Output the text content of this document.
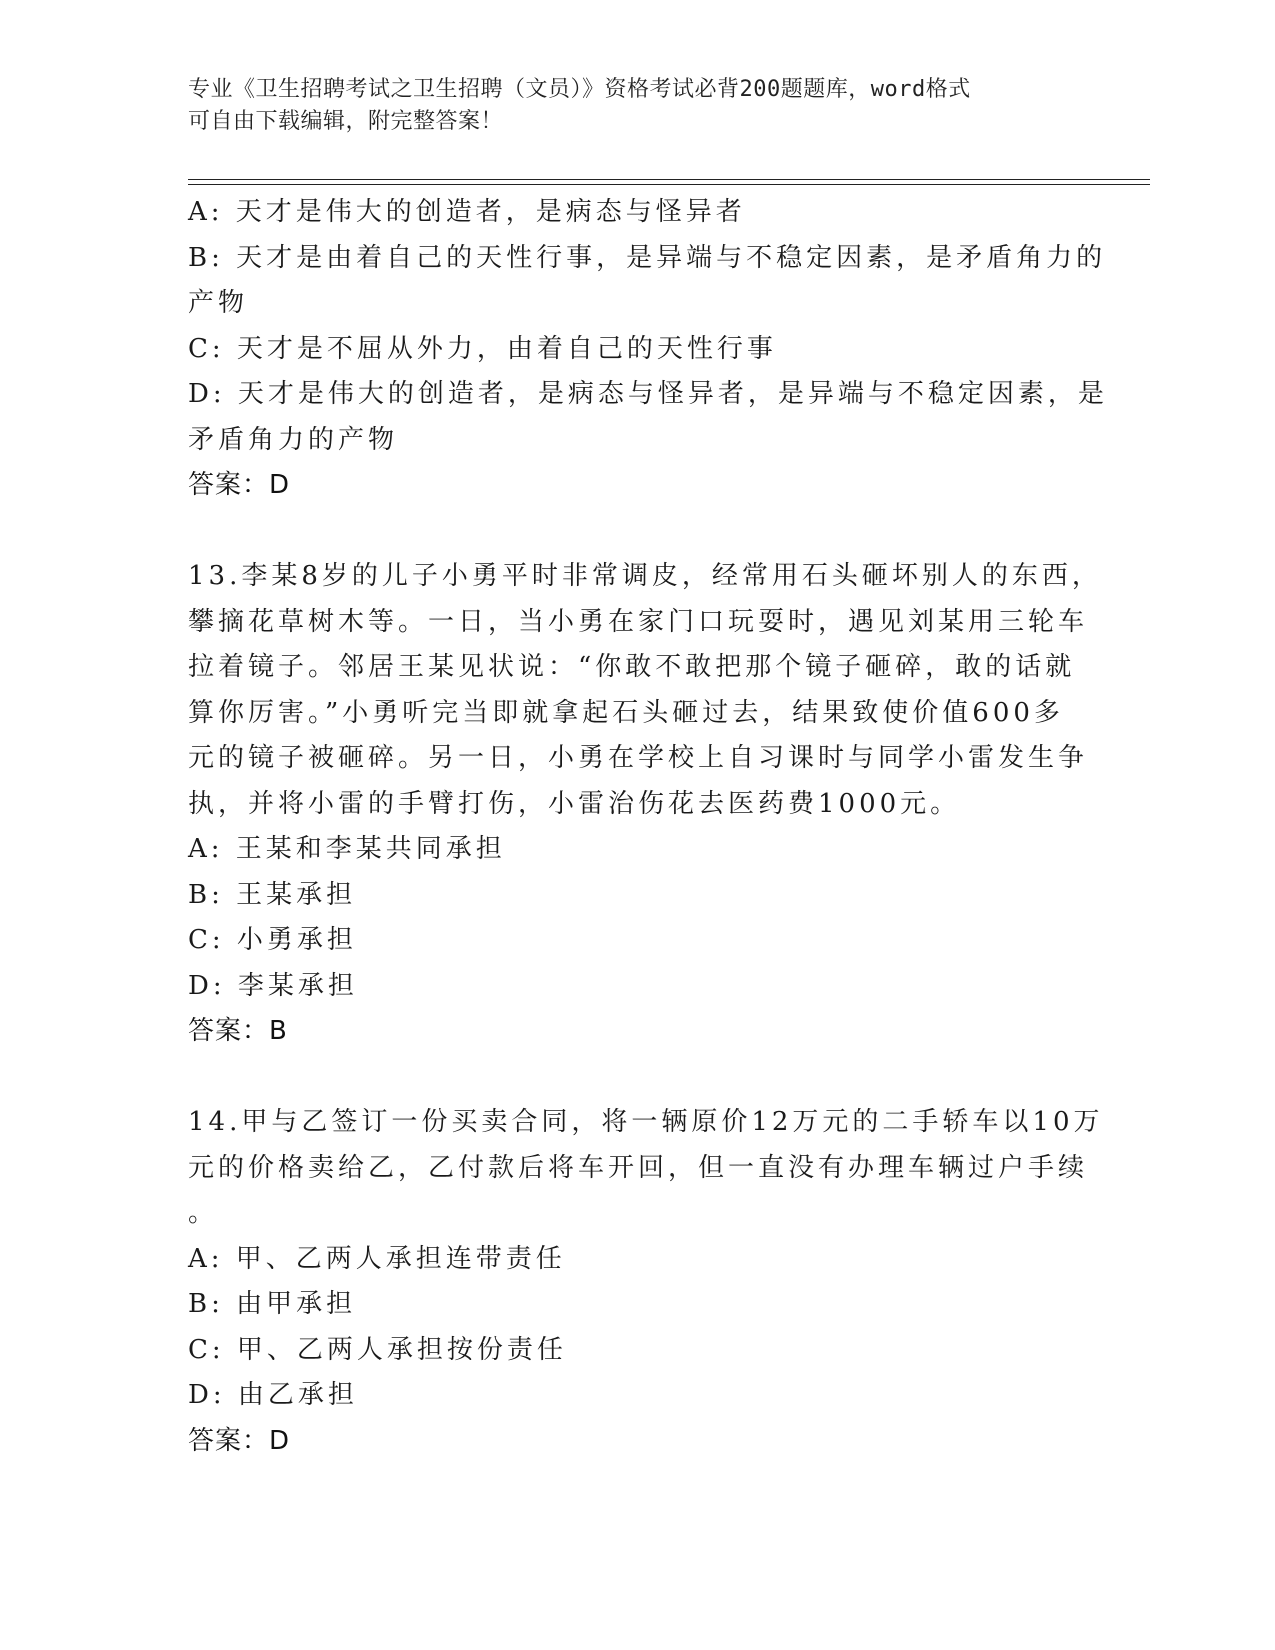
专业《卫生招聘考试之卫生招聘（文员）》资格考试必背200题题库，word格式
可自由下载编辑，附完整答案！
A: 天才是伟大的创造者，是病态与怪异者
B: 天才是由着自己的天性行事，是异端与不稳定因素，是矛盾角力的
产物
C: 天才是不屈从外力，由着自己的天性行事
D: 天才是伟大的创造者，是病态与怪异者，是异端与不稳定因素，是
矛盾角力的产物
答案：D
13.李某8岁的儿子小勇平时非常调皮，经常用石头砸坏别人的东西，
攀摘花草树木等。一日，当小勇在家门口玩耍时，遇见刘某用三轮车
拉着镜子。邻居王某见状说：“你敢不敢把那个镜子砸碎，敢的话就
算你厉害。”小勇听完当即就拿起石头砸过去，结果致使价值600多
元的镜子被砸碎。另一日，小勇在学校上自习课时与同学小雷发生争
执，并将小雷的手臂打伤，小雷治伤花去医药费1000元。
A: 王某和李某共同承担
B: 王某承担
C: 小勇承担
D: 李某承担
答案：B
14.甲与乙签订一份买卖合同，将一辆原价12万元的二手轿车以10万
元的价格卖给乙，乙付款后将车开回，但一直没有办理车辆过户手续
。
A: 甲、乙两人承担连带责任
B: 由甲承担
C: 甲、乙两人承担按份责任
D: 由乙承担
答案：D
